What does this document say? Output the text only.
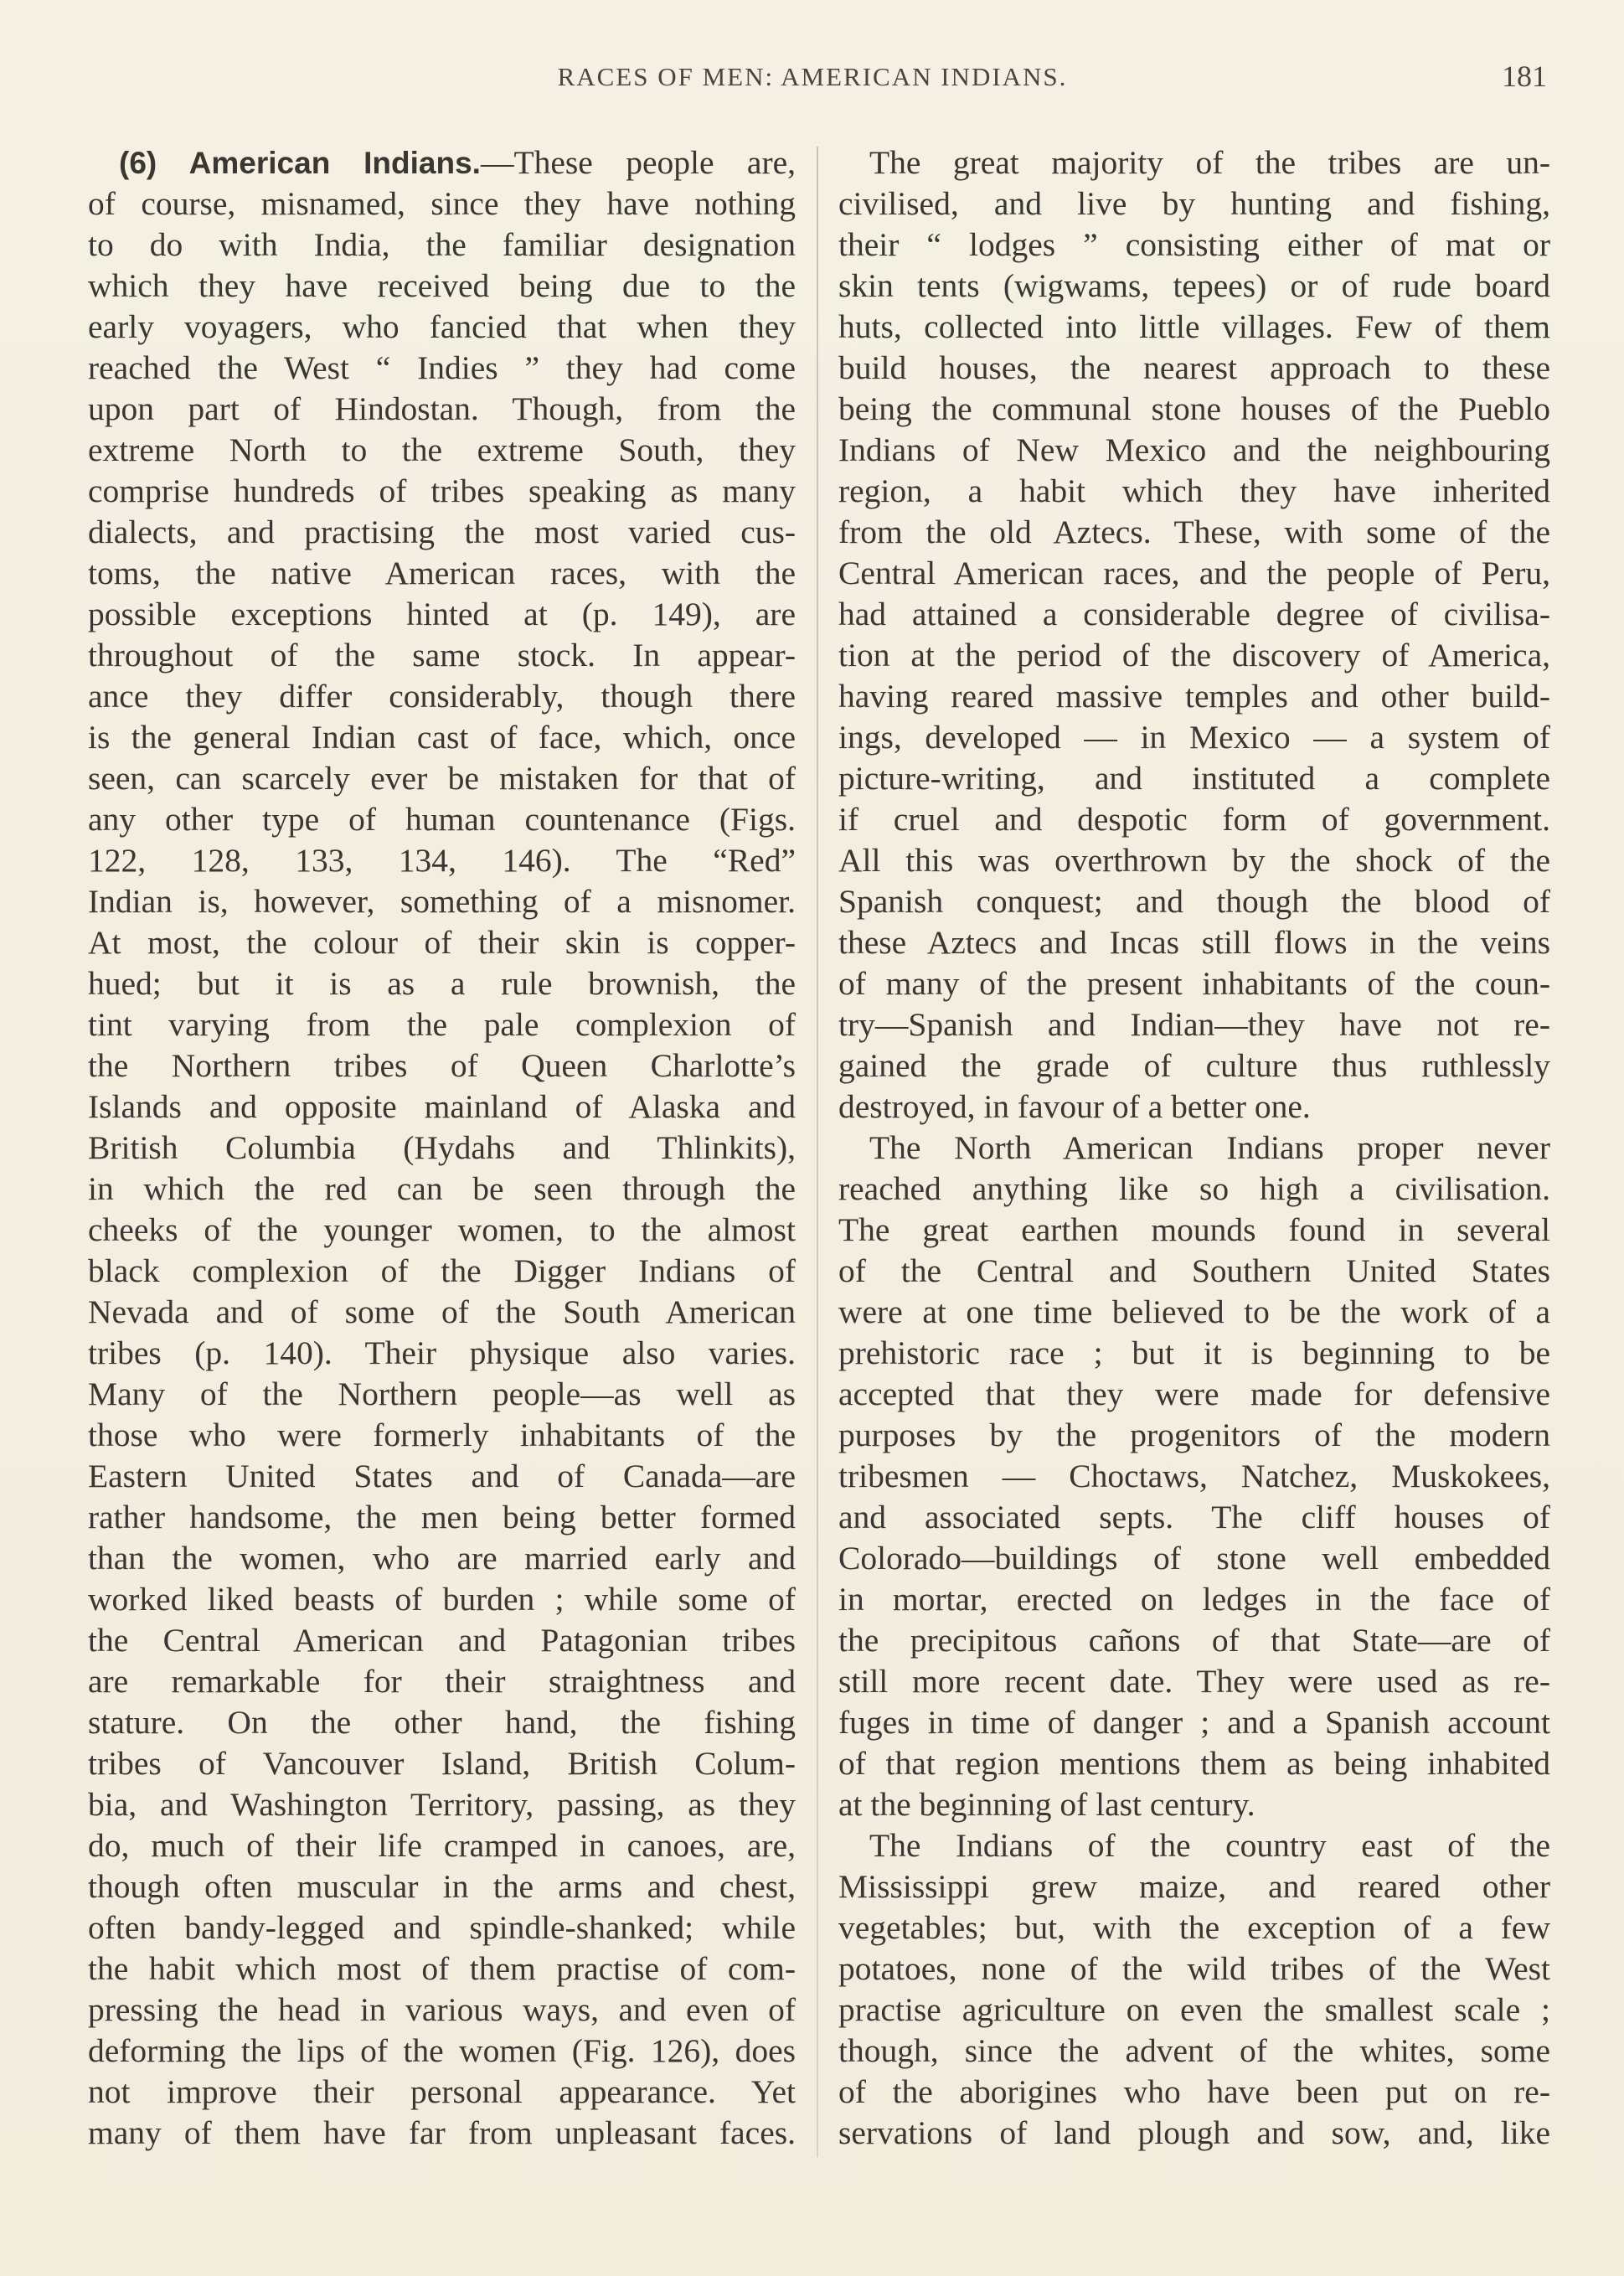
RACES OF MEN: AMERICAN INDIANS.	181
(6) American Indians.—These people are,
of course, misnamed, since they have nothing
to do with India, the familiar designation
which they have received being due to the
early voyagers, who fancied that when they
reached the West “ Indies ” they had come
upon part of Hindostan. Though, from the
extreme North to the extreme South, they
comprise hundreds of tribes speaking as many
dialects, and practising the most varied cus-
toms, the native American races, with the
possible exceptions hinted at (p. 149), are
throughout of the same stock. In appear-
ance they differ considerably, though there
is the general Indian cast of face, which, once
seen, can scarcely ever be mistaken for that of
any other type of human countenance (Figs.
122, 128, 133, 134, 146). The “Red”
Indian is, however, something of a misnomer.
At most, the colour of their skin is copper-
hued; but it is as a rule brownish, the
tint varying from the pale complexion of
the Northern tribes of Queen Charlotte’s
Islands and opposite mainland of Alaska and
British Columbia (Hydahs and Thlinkits),
in which the red can be seen through the
cheeks of the younger women, to the almost
black complexion of the Digger Indians of
Nevada and of some of the South American
tribes (p. 140). Their physique also varies.
Many of the Northern people—as well as
those who were formerly inhabitants of the
Eastern United States and of Canada—are
rather handsome, the men being better formed
than the women, who are married early and
worked liked beasts of burden ; while some of
the Central American and Patagonian tribes
are remarkable for their straightness and
stature. On the other hand, the fishing
tribes of Vancouver Island, British Colum-
bia, and Washington Territory, passing, as they
do, much of their life cramped in canoes, are,
though often muscular in the arms and chest,
often bandy-legged and spindle-shanked; while
the habit which most of them practise of com-
pressing the head in various ways, and even of
deforming the lips of the women (Fig. 126), does
not improve their personal appearance. Yet
many of them have far from unpleasant faces.
The great majority of the tribes are un-
civilised, and live by hunting and fishing,
their “ lodges ” consisting either of mat or
skin tents (wigwams, tepees) or of rude board
huts, collected into little villages. Few of them
build houses, the nearest approach to these
being the communal stone houses of the Pueblo
Indians of New Mexico and the neighbouring
region, a habit which they have inherited
from the old Aztecs. These, with some of the
Central American races, and the people of Peru,
had attained a considerable degree of civilisa-
tion at the period of the discovery of America,
having reared massive temples and other build-
ings, developed — in Mexico — a system of
picture-writing, and instituted a complete
if cruel and despotic form of government.
All this was overthrown by the shock of the
Spanish conquest; and though the blood of
these Aztecs and Incas still flows in the veins
of many of the present inhabitants of the coun-
try—Spanish and Indian—they have not re-
gained the grade of culture thus ruthlessly
destroyed, in favour of a better one.
The North American Indians proper never
reached anything like so high a civilisation.
The great earthen mounds found in several
of the Central and Southern United States
were at one time believed to be the work of a
prehistoric race ; but it is beginning to be
accepted that they were made for defensive
purposes by the progenitors of the modern
tribesmen — Choctaws, Natchez, Muskokees,
and associated septs. The cliff houses of
Colorado—buildings of stone well embedded
in mortar, erected on ledges in the face of
the precipitous cañons of that State—are of
still more recent date. They were used as re-
fuges in time of danger ; and a Spanish account
of that region mentions them as being inhabited
at the beginning of last century.
The Indians of the country east of the
Mississippi grew maize, and reared other
vegetables; but, with the exception of a few
potatoes, none of the wild tribes of the West
practise agriculture on even the smallest scale ;
though, since the advent of the whites, some
of the aborigines who have been put on re-
servations of land plough and sow, and, like
